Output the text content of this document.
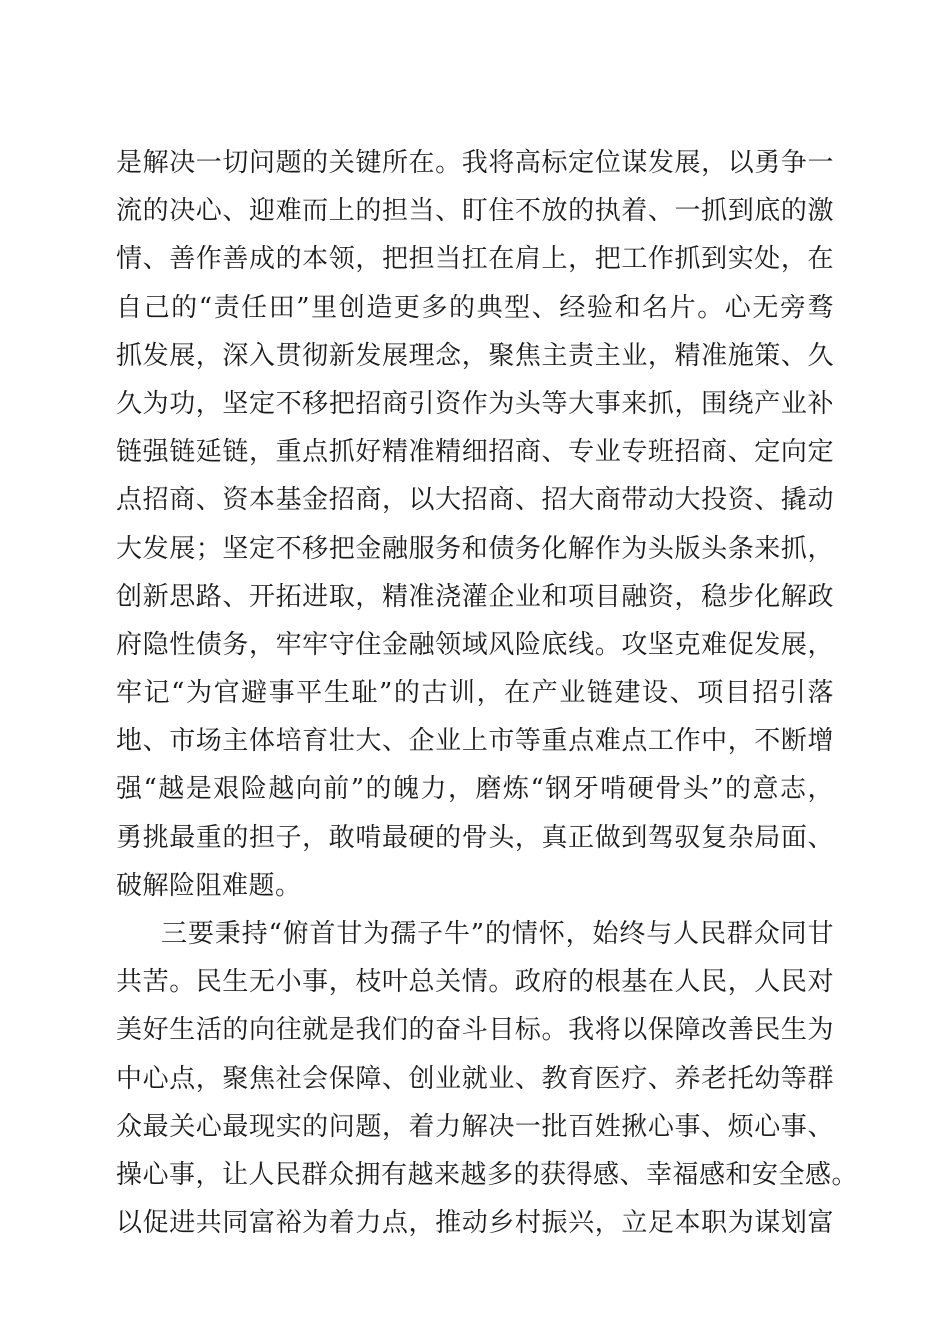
是解决一切问题的关键所在。我将高标定位谋发展，以勇争一
流的决心、迎难而上的担当、盯住不放的执着、一抓到底的激
情、善作善成的本领，把担当扛在肩上，把工作抓到实处，在
自己的“责任田”里创造更多的典型、经验和名片。心无旁骛
抓发展，深入贯彻新发展理念，聚焦主责主业，精准施策、久
久为功，坚定不移把招商引资作为头等大事来抓，围绕产业补
链强链延链，重点抓好精准精细招商、专业专班招商、定向定
点招商、资本基金招商，以大招商、招大商带动大投资、撬动
大发展；坚定不移把金融服务和债务化解作为头版头条来抓，
创新思路、开拓进取，精准浇灌企业和项目融资，稳步化解政
府隐性债务，牢牢守住金融领域风险底线。攻坚克难促发展，
牢记“为官避事平生耻”的古训，在产业链建设、项目招引落
地、市场主体培育壮大、企业上市等重点难点工作中，不断增
强“越是艰险越向前”的魄力，磨炼“钢牙啃硬骨头”的意志，
勇挑最重的担子，敢啃最硬的骨头，真正做到驾驭复杂局面、
破解险阻难题。
三要秉持“俯首甘为孺子牛”的情怀，始终与人民群众同甘
共苦。民生无小事，枝叶总关情。政府的根基在人民，人民对
美好生活的向往就是我们的奋斗目标。我将以保障改善民生为
中心点，聚焦社会保障、创业就业、教育医疗、养老托幼等群
众最关心最现实的问题，着力解决一批百姓揪心事、烦心事、
操心事，让人民群众拥有越来越多的获得感、幸福感和安全感。
以促进共同富裕为着力点，推动乡村振兴，立足本职为谋划富
